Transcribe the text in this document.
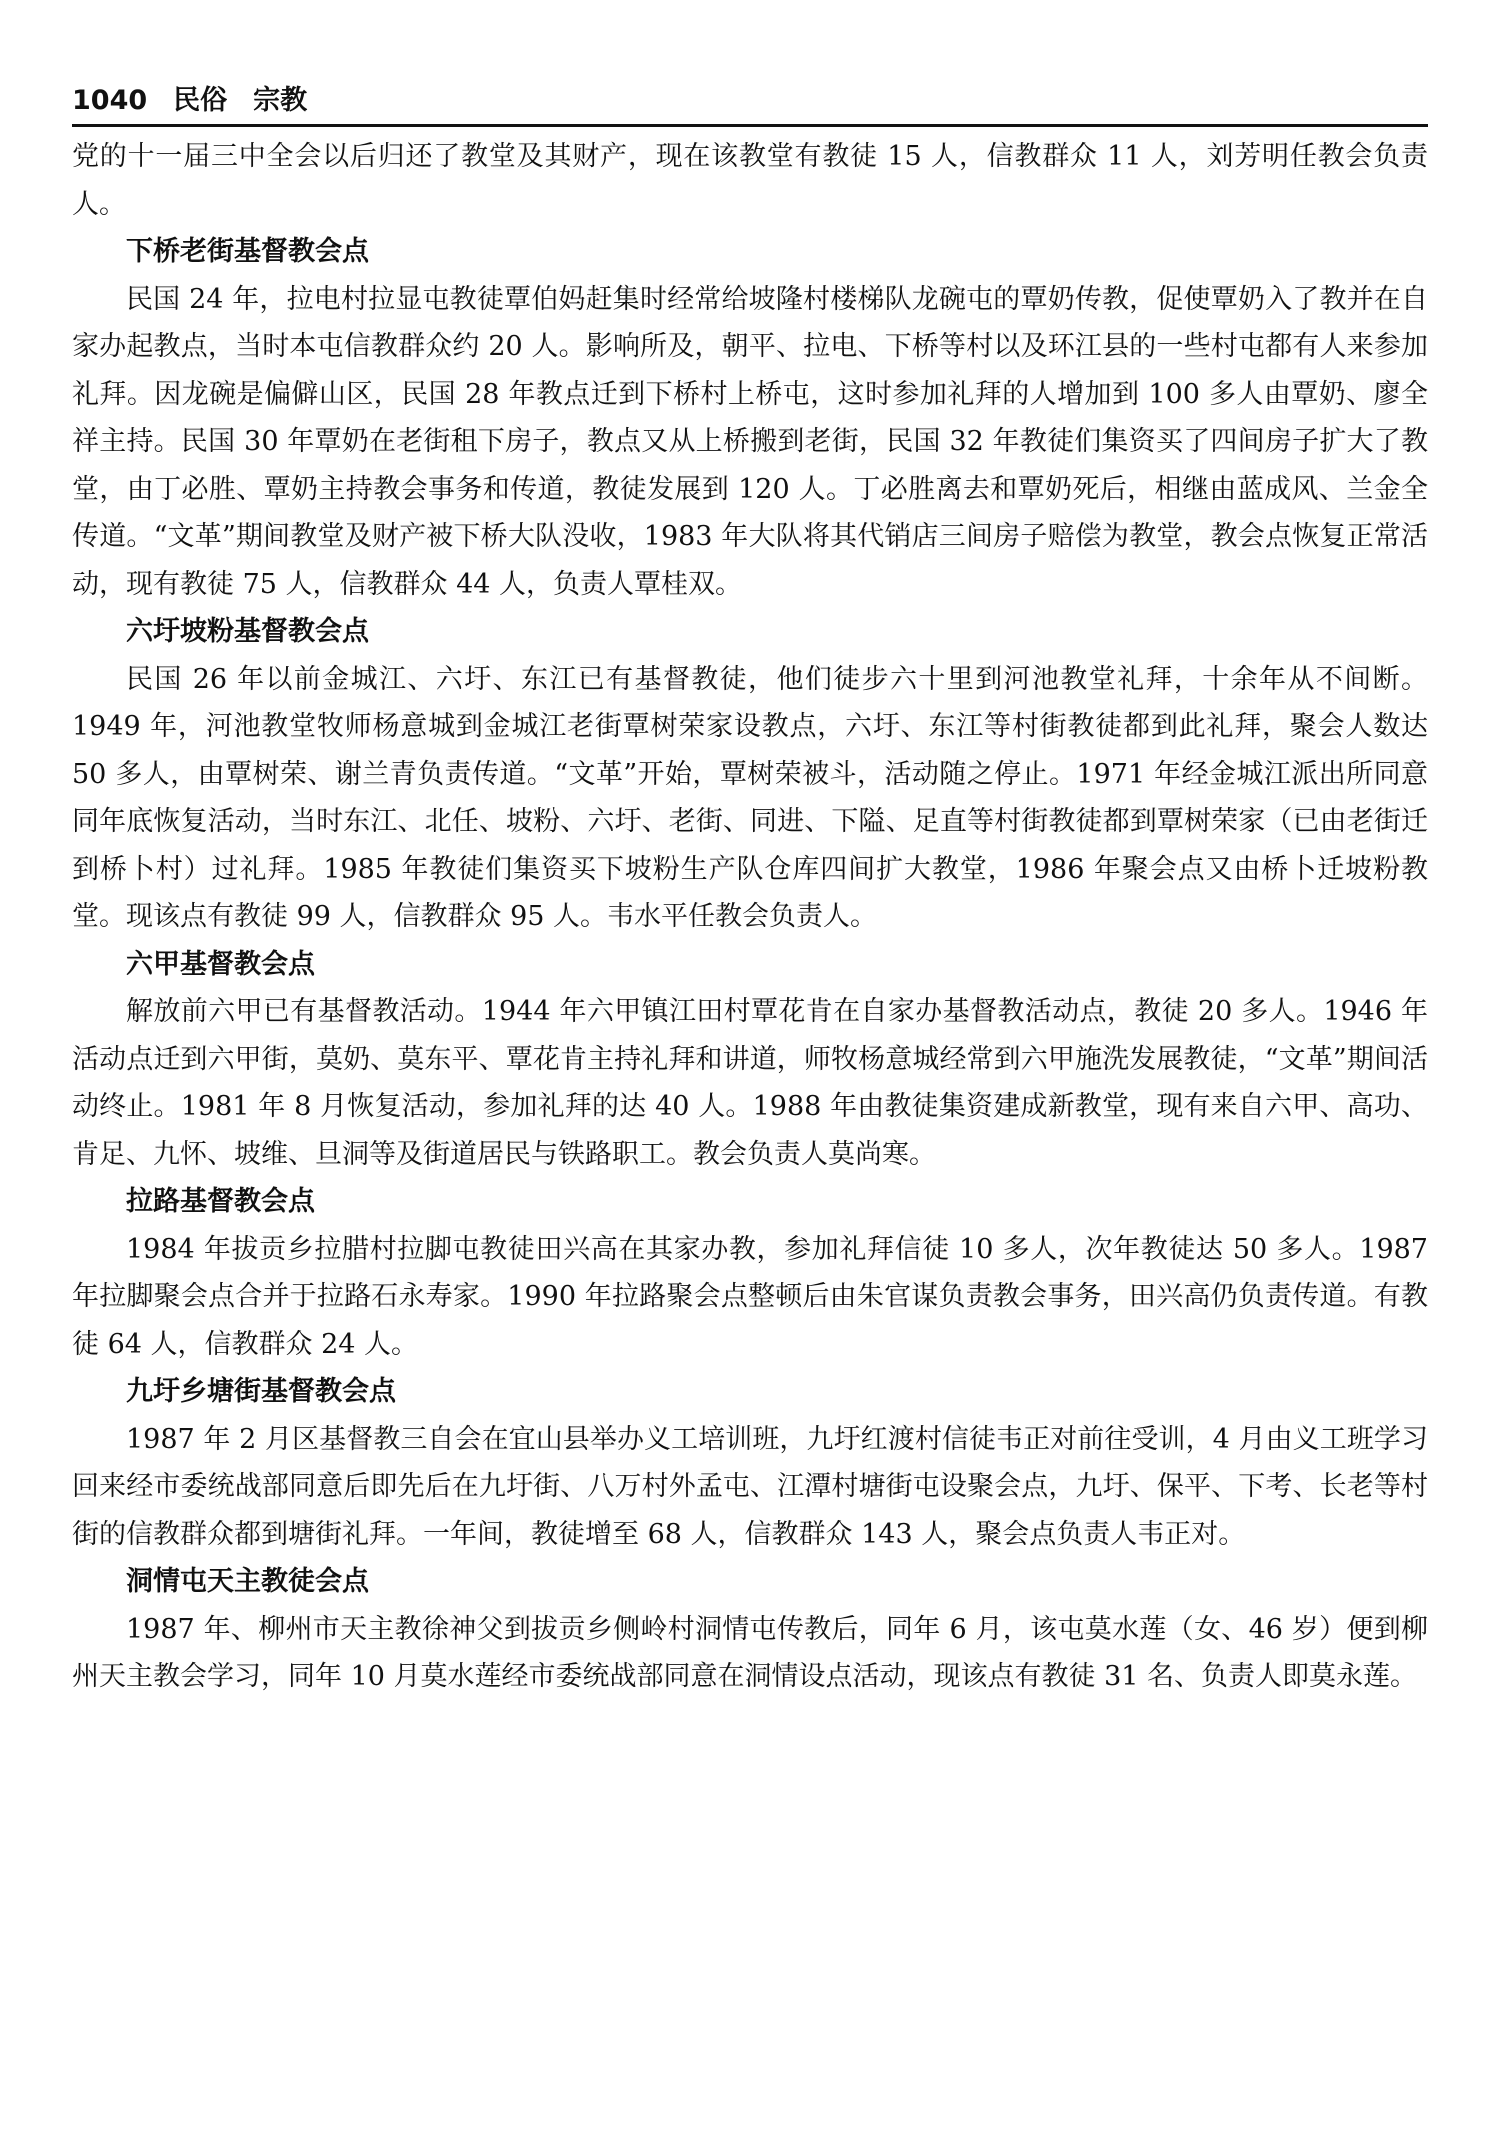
1040 民俗 宗教

党的十一届三中全会以后归还了教堂及其财产，现在该教堂有教徒 15 人，信教群众 11 人，刘芳明任教会负责人。

下桥老街基督教会点

民国 24 年，拉电村拉显屯教徒覃伯妈赶集时经常给坡隆村楼梯队龙碗屯的覃奶传教，促使覃奶入了教并在自家办起教点，当时本屯信教群众约 20 人。影响所及，朝平、拉电、下桥等村以及环江县的一些村屯都有人来参加礼拜。因龙碗是偏僻山区，民国 28 年教点迁到下桥村上桥屯，这时参加礼拜的人增加到 100 多人由覃奶、廖全祥主持。民国 30 年覃奶在老街租下房子，教点又从上桥搬到老街，民国 32 年教徒们集资买了四间房子扩大了教堂，由丁必胜、覃奶主持教会事务和传道，教徒发展到 120 人。丁必胜离去和覃奶死后，相继由蓝成风、兰金全传道。“文革”期间教堂及财产被下桥大队没收，1983 年大队将其代销店三间房子赔偿为教堂，教会点恢复正常活动，现有教徒 75 人，信教群众 44 人，负责人覃桂双。

六圩坡粉基督教会点

民国 26 年以前金城江、六圩、东江已有基督教徒，他们徒步六十里到河池教堂礼拜，十余年从不间断。1949 年，河池教堂牧师杨意城到金城江老街覃树荣家设教点，六圩、东江等村街教徒都到此礼拜，聚会人数达 50 多人，由覃树荣、谢兰青负责传道。“文革”开始，覃树荣被斗，活动随之停止。1971 年经金城江派出所同意同年底恢复活动，当时东江、北任、坡粉、六圩、老街、同进、下隘、足直等村街教徒都到覃树荣家（已由老街迁到桥卜村）过礼拜。1985 年教徒们集资买下坡粉生产队仓库四间扩大教堂，1986 年聚会点又由桥卜迁坡粉教堂。现该点有教徒 99 人，信教群众 95 人。韦水平任教会负责人。

六甲基督教会点

解放前六甲已有基督教活动。1944 年六甲镇江田村覃花肯在自家办基督教活动点，教徒 20 多人。1946 年活动点迁到六甲街，莫奶、莫东平、覃花肯主持礼拜和讲道，师牧杨意城经常到六甲施洗发展教徒，“文革”期间活动终止。1981 年 8 月恢复活动，参加礼拜的达 40 人。1988 年由教徒集资建成新教堂，现有来自六甲、高功、肯足、九怀、坡维、旦洞等及街道居民与铁路职工。教会负责人莫尚寒。

拉路基督教会点

1984 年拔贡乡拉腊村拉脚屯教徒田兴高在其家办教，参加礼拜信徒 10 多人，次年教徒达 50 多人。1987 年拉脚聚会点合并于拉路石永寿家。1990 年拉路聚会点整顿后由朱官谋负责教会事务，田兴高仍负责传道。有教徒 64 人，信教群众 24 人。

九圩乡塘街基督教会点

1987 年 2 月区基督教三自会在宜山县举办义工培训班，九圩红渡村信徒韦正对前往受训，4 月由义工班学习回来经市委统战部同意后即先后在九圩街、八万村外孟屯、江潭村塘街屯设聚会点，九圩、保平、下考、长老等村街的信教群众都到塘街礼拜。一年间，教徒增至 68 人，信教群众 143 人，聚会点负责人韦正对。

洞情屯天主教徒会点

1987 年、柳州市天主教徐神父到拔贡乡侧岭村洞情屯传教后，同年 6 月，该屯莫水莲（女、46 岁）便到柳州天主教会学习，同年 10 月莫水莲经市委统战部同意在洞情设点活动，现该点有教徒 31 名、负责人即莫永莲。
